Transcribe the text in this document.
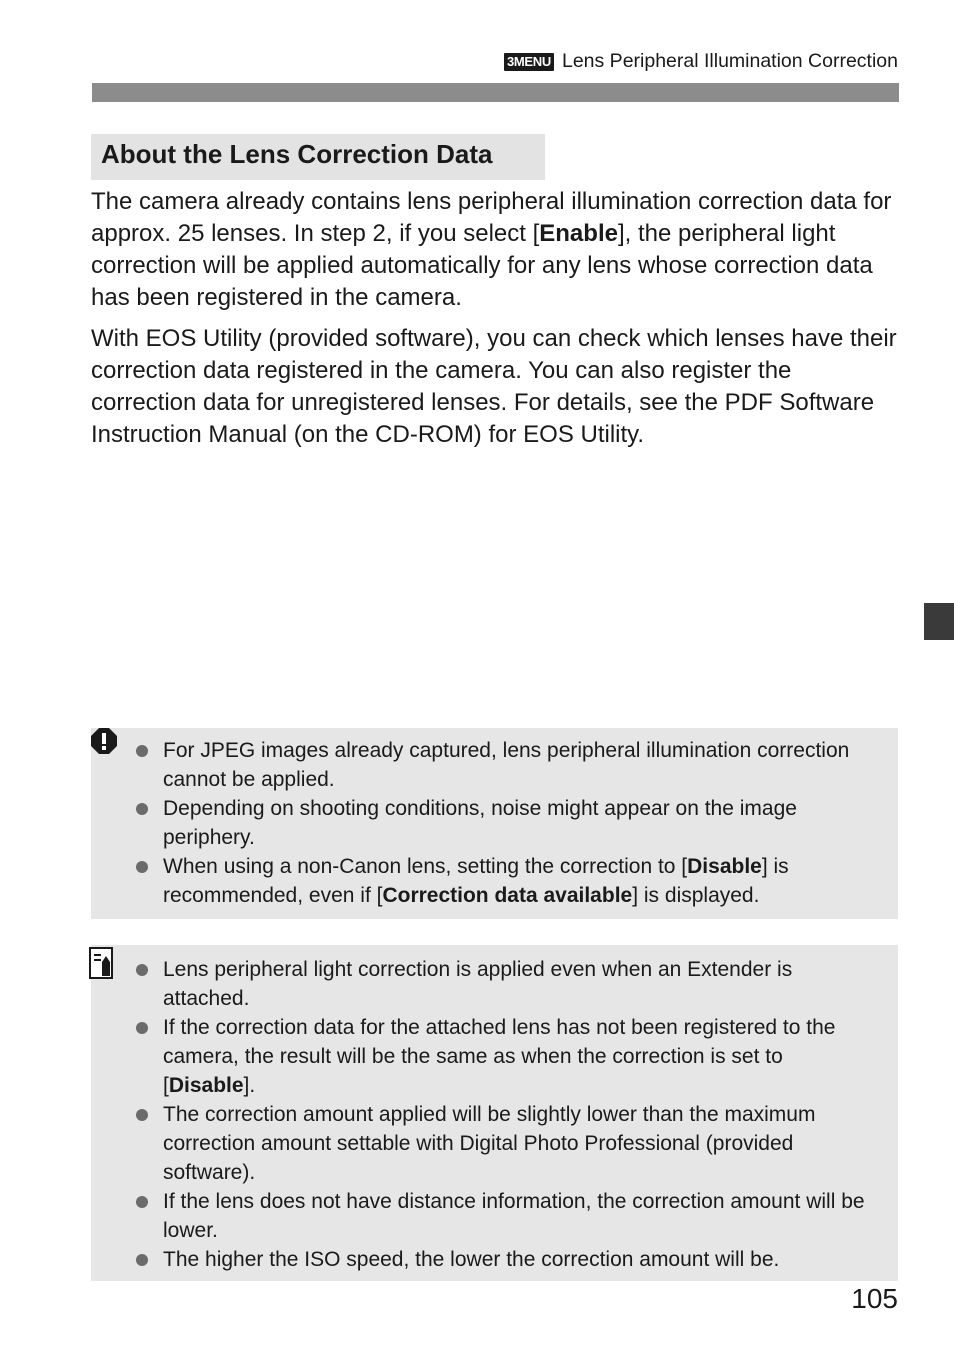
3MENU Lens Peripheral Illumination Correction
About the Lens Correction Data

The camera already contains lens peripheral illumination correction data for approx. 25 lenses. In step 2, if you select [Enable], the peripheral light correction will be applied automatically for any lens whose correction data has been registered in the camera.

With EOS Utility (provided software), you can check which lenses have their correction data registered in the camera. You can also register the correction data for unregistered lenses. For details, see the PDF Software Instruction Manual (on the CD-ROM) for EOS Utility.

For JPEG images already captured, lens peripheral illumination correction cannot be applied.
Depending on shooting conditions, noise might appear on the image periphery.
When using a non-Canon lens, setting the correction to [Disable] is recommended, even if [Correction data available] is displayed.
Lens peripheral light correction is applied even when an Extender is attached.
If the correction data for the attached lens has not been registered to the camera, the result will be the same as when the correction is set to [Disable].
The correction amount applied will be slightly lower than the maximum correction amount settable with Digital Photo Professional (provided software).
If the lens does not have distance information, the correction amount will be lower.
The higher the ISO speed, the lower the correction amount will be.
105
